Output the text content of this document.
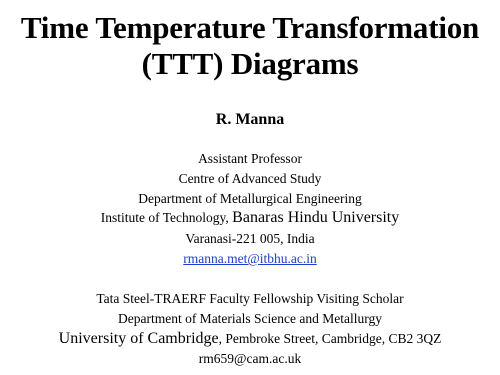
Time Temperature Transformation
(TTT) Diagrams
R. Manna
Assistant Professor
Centre of Advanced Study
Department of Metallurgical Engineering
Institute of Technology, Banaras Hindu University
Varanasi-221 005, India
rmanna.met@itbhu.ac.in
Tata Steel-TRAERF Faculty Fellowship Visiting Scholar
Department of Materials Science and Metallurgy
University of Cambridge, Pembroke Street, Cambridge, CB2 3QZ
rm659@cam.ac.uk
